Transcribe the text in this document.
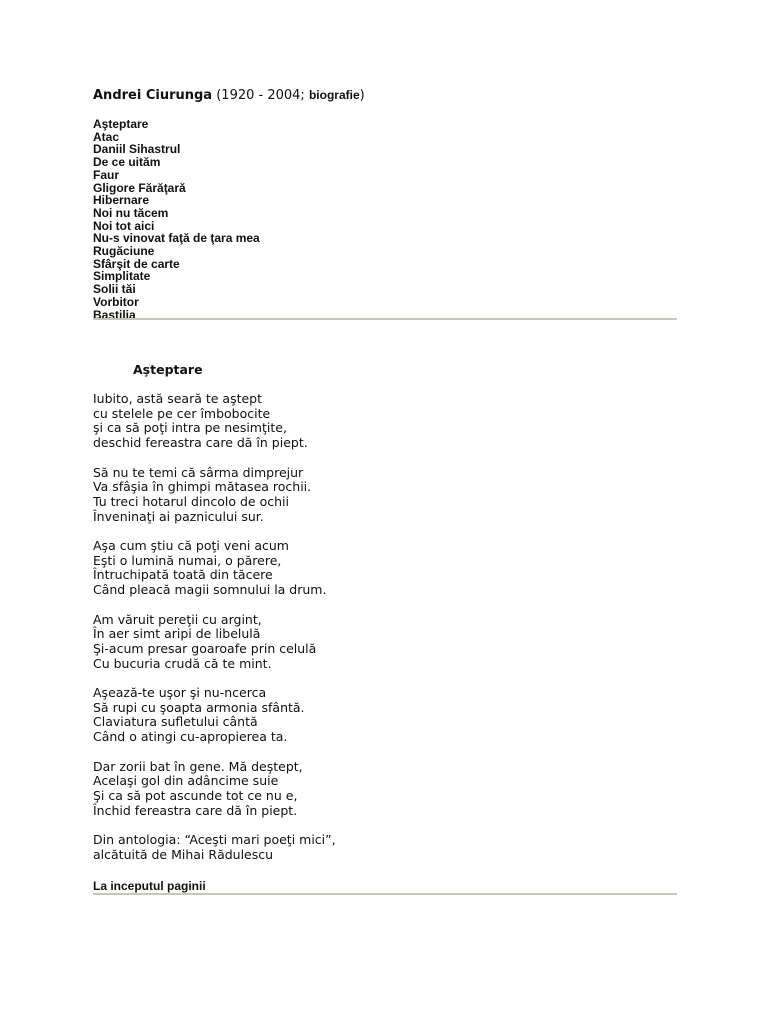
Andrei Ciurunga (1920 - 2004; biografie)
Aşteptare
Atac
Daniil Sihastrul
De ce uităm
Faur
Gligore Fărăţară
Hibernare
Noi nu tăcem
Noi tot aici
Nu-s vinovat faţă de ţara mea
Rugăciune
Sfârşit de carte
Simplitate
Solii tăi
Vorbitor
Bastilia
Aşteptare
Iubito, astă seară te aştept
cu stelele pe cer îmbobocite
şi ca să poţi intra pe nesimţite,
deschid fereastra care dă în piept.
Să nu te temi că sârma dimprejur
Va sfâşia în ghimpi mătasea rochii.
Tu treci hotarul dincolo de ochii
Înveninaţi ai paznicului sur.
Aşa cum ştiu că poţi veni acum
Eşti o lumină numai, o părere,
Întruchipată toată din tăcere
Când pleacă magii somnului la drum.
Am văruit pereţii cu argint,
În aer simt aripi de libelulă
Şi-acum presar goaroafe prin celulă
Cu bucuria crudă că te mint.
Aşează-te uşor şi nu-ncerca
Să rupi cu şoapta armonia sfântă.
Claviatura sufletului cântă
Când o atingi cu-apropierea ta.
Dar zorii bat în gene. Mă deştept,
Acelaşi gol din adâncime suie
Şi ca să pot ascunde tot ce nu e,
Închid fereastra care dă în piept.
Din antologia: “Aceşti mari poeţi mici”,
alcătuită de Mihai Rădulescu
La inceputul paginii
